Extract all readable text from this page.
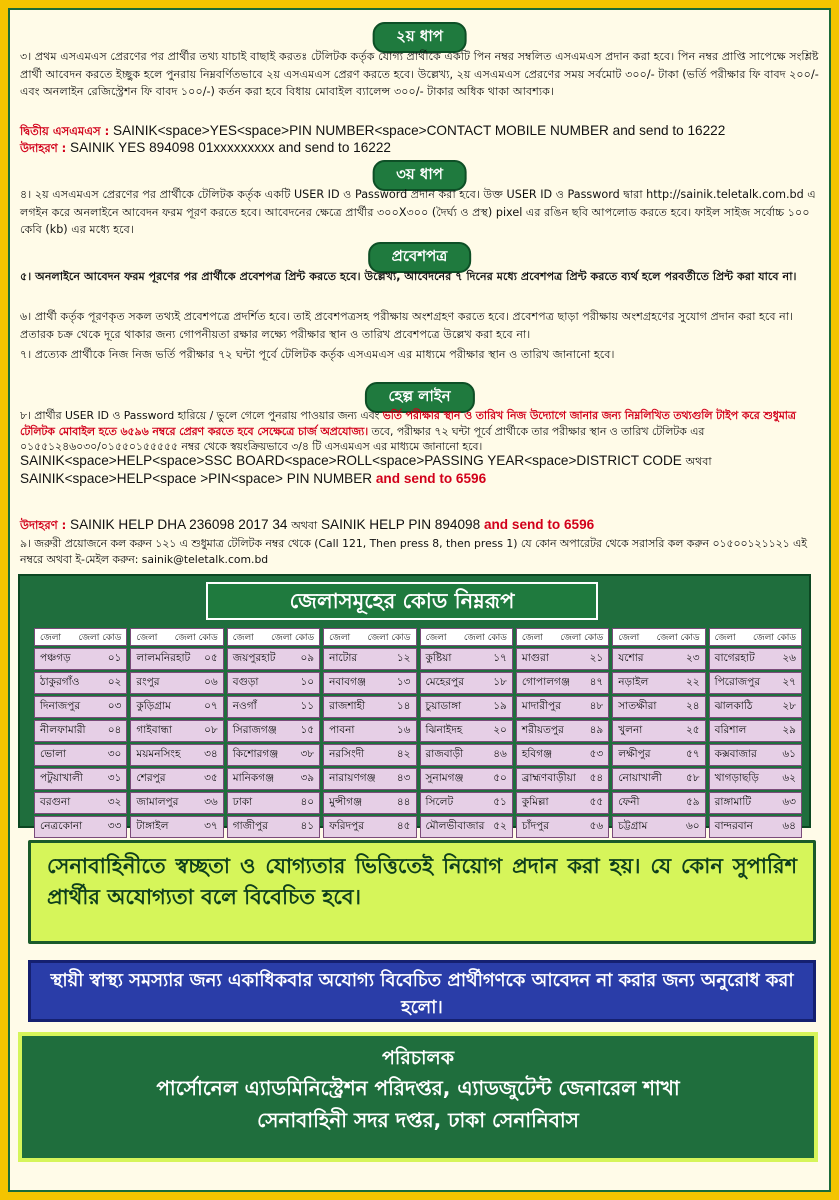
২য় ধাপ
৩। প্রথম এসএমএস প্রেরণের পর প্রার্থীর তথ্য যাচাই বাছাই করতঃ টেলিটক কর্তৃক যোগ্য প্রার্থীকে একটি পিন নম্বর সম্বলিত এসএমএস প্রদান করা হবে। পিন নম্বর প্রাপ্তি সাপেক্ষে সংশ্লিষ্ট প্রার্থী আবেদন করতে ইচ্ছুক হলে পুনরায় নিম্নবর্ণিতভাবে ২য় এসএমএস প্রেরণ করতে হবে। উল্লেখ্য, ২য় এসএমএস প্রেরণের সময় সর্বমোট ৩০০/- টাকা (ভর্তি পরীক্ষার ফি বাবদ ২০০/- এবং অনলাইন রেজিস্ট্রেশন ফি বাবদ ১০০/-) কর্তন করা হবে বিধায় মোবাইল ব্যালেন্স ৩০০/- টাকার অধিক থাকা আবশ্যক।
দ্বিতীয় এসএমএস : SAINIK<space>YES<space>PIN NUMBER<space>CONTACT MOBILE NUMBER and send to 16222
উদাহরণ : SAINIK YES 894098 01xxxxxxxxx and send to 16222
৩য় ধাপ
৪। ২য় এসএমএস প্রেরণের পর প্রার্থীকে টেলিটক কর্তৃক একটি USER ID ও Password প্রদান করা হবে। উক্ত USER ID ও Password দ্বারা http://sainik.teletalk.com.bd এ লগইন করে অনলাইনে আবেদন ফরম পূরণ করতে হবে। আবেদনের ক্ষেত্রে প্রার্থীর ৩০০X৩০০ (দৈর্ঘ্য ও প্রস্থ) pixel এর রঙিন ছবি আপলোড করতে হবে। ফাইল সাইজ সর্বোচ্চ ১০০ কেবি (kb) এর মধ্যে হবে।
প্রবেশপত্র
৫। অনলাইনে আবেদন ফরম পূরণের পর প্রার্থীকে প্রবেশপত্র প্রিন্ট করতে হবে। উল্লেখ্য, আবেদনের ৭ দিনের মধ্যে প্রবেশপত্র প্রিন্ট করতে ব্যর্থ হলে পরবর্তীতে প্রিন্ট করা যাবে না।
৬। প্রার্থী কর্তৃক পূরণকৃত সকল তথ্যই প্রবেশপত্রে প্রদর্শিত হবে। তাই প্রবেশপত্রসহ পরীক্ষায় অংশগ্রহণ করতে হবে। প্রবেশপত্র ছাড়া পরীক্ষায় অংশগ্রহণের সুযোগ প্রদান করা হবে না। প্রতারক চক্র থেকে দূরে থাকার জন্য গোপনীয়তা রক্ষার লক্ষ্যে পরীক্ষার স্থান ও তারিখ প্রবেশপত্রে উল্লেখ করা হবে না।
৭। প্রত্যেক প্রার্থীকে নিজ নিজ ভর্তি পরীক্ষার ৭২ ঘন্টা পূর্বে টেলিটক কর্তৃক এসএমএস এর মাধ্যমে পরীক্ষার স্থান ও তারিখ জানানো হবে।
হেল্প লাইন
৮। প্রার্থীর USER ID ও Password হারিয়ে / ভুলে গেলে পুনরায় পাওয়ার জন্য এবং ভর্তি পরীক্ষার স্থান ও তারিখ নিজ উদ্যোগে জানার জন্য নিম্নলিখিত তথ্যগুলি টাইপ করে শুধুমাত্র টেলিটক মোবাইল হতে ৬৫৯৬ নম্বরে প্রেরণ করতে হবে সেক্ষেত্রে চার্জ অপ্রযোজ্য। তবে, পরীক্ষার ৭২ ঘন্টা পূর্বে প্রার্থীকে তার পরীক্ষার স্থান ও তারিখ টেলিটক এর ০১৫৫১২৪৬০৩০/০১৫৫০১৫৫৫৫৫ নম্বর থেকে স্বয়ংক্রিয়ভাবে ৩/৪ টি এসএমএস এর মাধ্যমে জানানো হবে।
SAINIK<space>HELP<space>SSC BOARD<space>ROLL<space>PASSING YEAR<space>DISTRICT CODE অথবা
SAINIK<space>HELP<space >PIN<space> PIN NUMBER and send to 6596
উদাহরণ : SAINIK HELP DHA 236098 2017 34 অথবা SAINIK HELP PIN 894098 and send to 6596
৯। জরুরী প্রয়োজনে কল করুন ১২১ এ শুধুমাত্র টেলিটক নম্বর থেকে (Call 121, Then press 8, then press 1) যে কোন অপারেটর থেকে সরাসরি কল করুন ০১৫০০১২১১২১ এই নম্বরে অথবা ই-মেইল করুন: sainik@teletalk.com.bd
জেলাসমূহের কোড নিম্নরূপ
জেলা জেলা কোড
পঞ্চগড়	০১
ঠাকুরগাঁও	০২
দিনাজপুর	০৩
নীলফামারী ০৪
ভোলা	৩০
পটুয়াখালী ৩১
বরগুনা	৩২
নেত্রকোনা ৩৩
জেলা জেলা কোড
লালমনিরহাট ০৫
রংপুর	০৬
কুড়িগ্রাম	০৭
গাইবান্ধা	০৮
ময়মনসিংহ ৩৪
শেরপুর	৩৫
জামালপুর ৩৬
টাঙ্গাইল	৩৭
জেলা জেলা কোড
জয়পুরহাট ০৯
বগুড়া	১০
নওগাঁ	১১
সিরাজগঞ্জ ১৫
কিশোরগঞ্জ ৩৮
মানিকগঞ্জ	৩৯
ঢাকা	৪০
গাজীপুর	৪১
জেলা জেলা কোড
নাটোর	১২
নবাবগঞ্জ	১৩
রাজশাহী	১৪
পাবনা	১৬
নরসিংদী	৪২
নারায়ণগঞ্জ ৪৩
মুন্সীগঞ্জ	৪৪
ফরিদপুর	৪৫
জেলা জেলা কোড
কুষ্টিয়া	১৭
মেহেরপুর	১৮
চুয়াডাঙ্গা	১৯
ঝিনাইদহ	২০
রাজবাড়ী	৪৬
সুনামগঞ্জ	৫০
সিলেট	৫১
মৌলভীবাজার ৫২
জেলা জেলা কোড
মাগুরা	২১
গোপালগঞ্জ ৪৭
মাদারীপুর	৪৮
শরীয়তপুর ৪৯
হবিগঞ্জ	৫৩
ব্রাহ্মণবাড়ীয়া ৫৪
কুমিল্লা	৫৫
চাঁদপুর	৫৬
জেলা জেলা কোড
যশোর	২৩
নড়াইল	২২
সাতক্ষীরা	২৪
খুলনা	২৫
লক্ষীপুর	৫৭
নোয়াখালী ৫৮
ফেনী	৫৯
চট্টগ্রাম	৬০
জেলা জেলা কোড
বাগেরহাট	২৬
পিরোজপুর ২৭
ঝালকাঠি	২৮
বরিশাল	২৯
কক্সবাজার ৬১
খাগড়াছড়ি ৬২
রাঙ্গামাটি	৬৩
বান্দরবান	৬৪
সেনাবাহিনীতে স্বচ্ছতা ও যোগ্যতার ভিত্তিতেই নিয়োগ প্রদান করা হয়। যে কোন সুপারিশ প্রার্থীর অযোগ্যতা বলে বিবেচিত হবে।
স্থায়ী স্বাস্থ্য সমস্যার জন্য একাধিকবার অযোগ্য বিবেচিত প্রার্থীগণকে আবেদন না করার জন্য অনুরোধ করা হলো।
পরিচালক
পার্সোনেল এ্যাডমিনিস্ট্রেশন পরিদপ্তর, এ্যাডজুটেন্ট জেনারেল শাখা
সেনাবাহিনী সদর দপ্তর, ঢাকা সেনানিবাস
